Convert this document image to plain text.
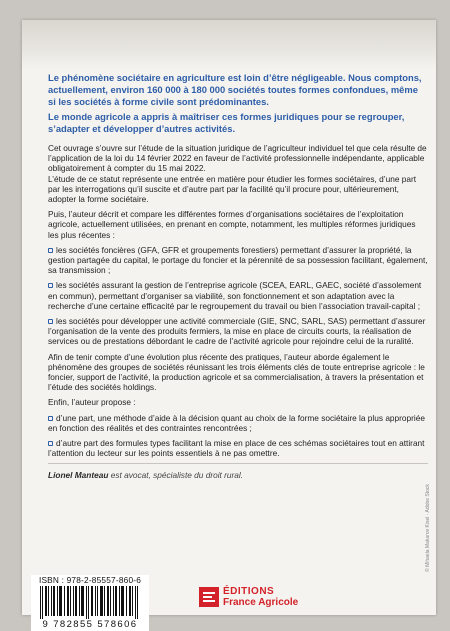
Le phénomène sociétaire en agriculture est loin d’être négligeable. Nous comptons, actuellement, environ 160 000 à 180 000 sociétés toutes formes confondues, même si les sociétés à forme civile sont prédominantes.

Le monde agricole a appris à maîtriser ces formes juridiques pour se regrouper, s’adapter et développer d’autres activités.

Cet ouvrage s’ouvre sur l’étude de la situation juridique de l’agriculteur individuel tel que cela résulte de l’application de la loi du 14 février 2022 en faveur de l’activité professionnelle indépendante, applicable obligatoirement à compter du 15 mai 2022.
L’étude de ce statut représente une entrée en matière pour étudier les formes sociétaires, d’une part par les interrogations qu’il suscite et d’autre part par la facilité qu’il procure pour, ultérieurement, adopter la forme sociétaire.

Puis, l’auteur décrit et compare les différentes formes d’organisations sociétaires de l’exploitation agricole, actuellement utilisées, en prenant en compte, notamment, les multiples réformes juridiques les plus récentes :

les sociétés foncières (GFA, GFR et groupements forestiers) permettant d’assurer la propriété, la gestion partagée du capital, le portage du foncier et la pérennité de sa possession facilitant, également, sa transmission ;

les sociétés assurant la gestion de l’entreprise agricole (SCEA, EARL, GAEC, société d’assolement en commun), permettant d’organiser sa viabilité, son fonctionnement et son adaptation avec la recherche d’une certaine efficacité par le regroupement du travail ou bien l’association travail-capital ;

les sociétés pour développer une activité commerciale (GIE, SNC, SARL, SAS) permettant d’assurer l’organisation de la vente des produits fermiers, la mise en place de circuits courts, la réalisation de services ou de prestations débordant le cadre de l’activité agricole pour rejoindre celui de la ruralité.

Afin de tenir compte d’une évolution plus récente des pratiques, l’auteur aborde également le phénomène des groupes de sociétés réunissant les trois éléments clés de toute entreprise agricole : le foncier, support de l’activité, la production agricole et sa commercialisation, à travers la présentation et l’étude des sociétés holdings.

Enfin, l’auteur propose :

d’une part, une méthode d’aide à la décision quant au choix de la forme sociétaire la plus appropriée en fonction des réalités et des contraintes rencontrées ;

d’autre part des formules types facilitant la mise en place de ces schémas sociétaires tout en attirant l’attention du lecteur sur les points essentiels à ne pas omettre.

Lionel Manteau est avocat, spécialiste du droit rural.

© Mihaela Makarov Kisel · Adobe Stock
ISBN : 978-2-85557-860-6
9 782855 578606
ÉDITIONS
France Agricole
